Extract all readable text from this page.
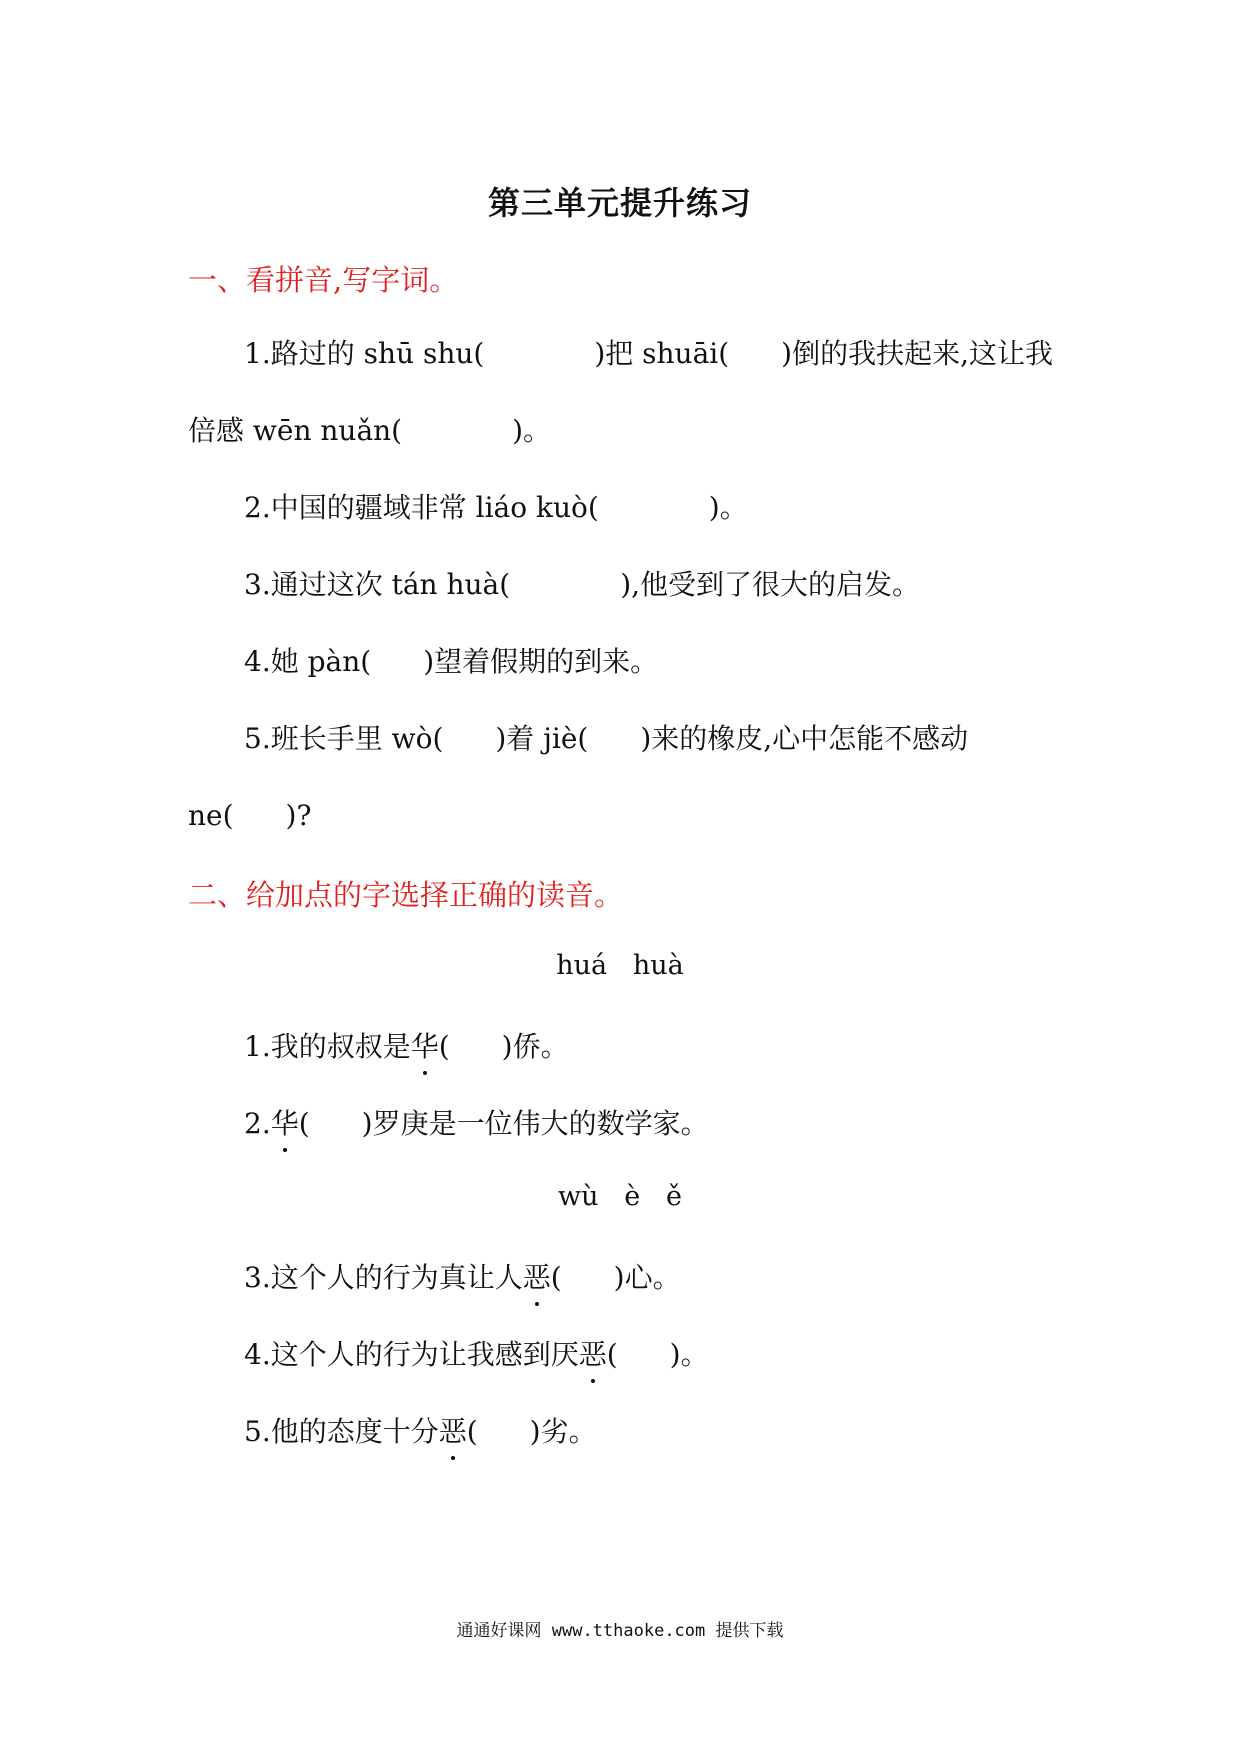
第三单元提升练习
一、看拼音,写字词。
1.路过的 shū shu(	)把 shuāi( )倒的我扶起来,这让我
倍感 wēn nuǎn(	)。
2.中国的疆域非常 liáo kuò(	)。
3.通过这次 tán huà(	),他受到了很大的启发。
4.她 pàn( )望着假期的到来。
5.班长手里 wò( )着 jiè( )来的橡皮,心中怎能不感动
ne( )?
二、给加点的字选择正确的读音。
huá   huà
1.我的叔叔是华( )侨。
2.华( )罗庚是一位伟大的数学家。
wù   è   ě
3.这个人的行为真让人恶( )心。
4.这个人的行为让我感到厌恶( )。
5.他的态度十分恶( )劣。
通通好课网 www.tthaoke.com 提供下载
